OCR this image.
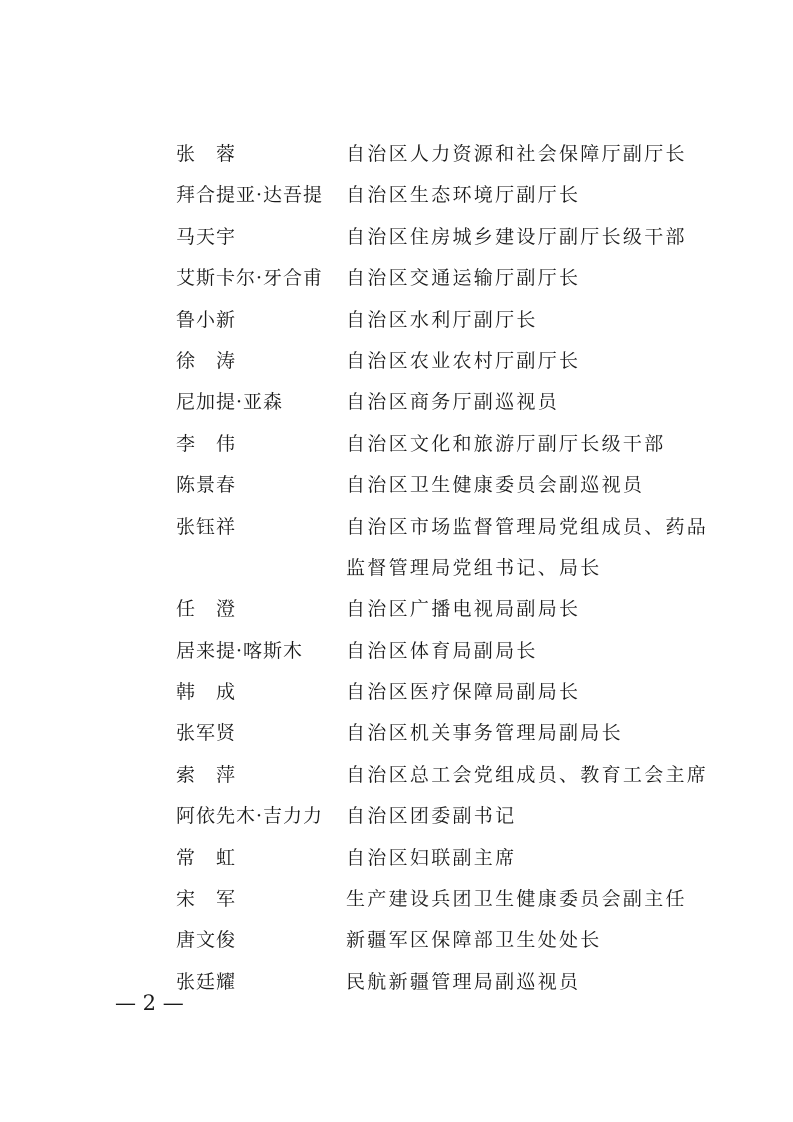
张　蓉	自治区人力资源和社会保障厅副厅长
拜合提亚·达吾提 自治区生态环境厅副厅长
马天宇	自治区住房城乡建设厅副厅长级干部
艾斯卡尔·牙合甫 自治区交通运输厅副厅长
鲁小新	自治区水利厅副厅长
徐　涛	自治区农业农村厅副厅长
尼加提·亚森	自治区商务厅副巡视员
李　伟	自治区文化和旅游厅副厅长级干部
陈景春	自治区卫生健康委员会副巡视员
张钰祥	自治区市场监督管理局党组成员、药品
监督管理局党组书记、局长
任　澄	自治区广播电视局副局长
居来提·喀斯木 自治区体育局副局长
韩　成	自治区医疗保障局副局长
张军贤	自治区机关事务管理局副局长
索　萍	自治区总工会党组成员、教育工会主席
阿依先木·吉力力 自治区团委副书记
常　虹	自治区妇联副主席
宋　军	生产建设兵团卫生健康委员会副主任
唐文俊	新疆军区保障部卫生处处长
张廷耀	民航新疆管理局副巡视员
— 2 —
